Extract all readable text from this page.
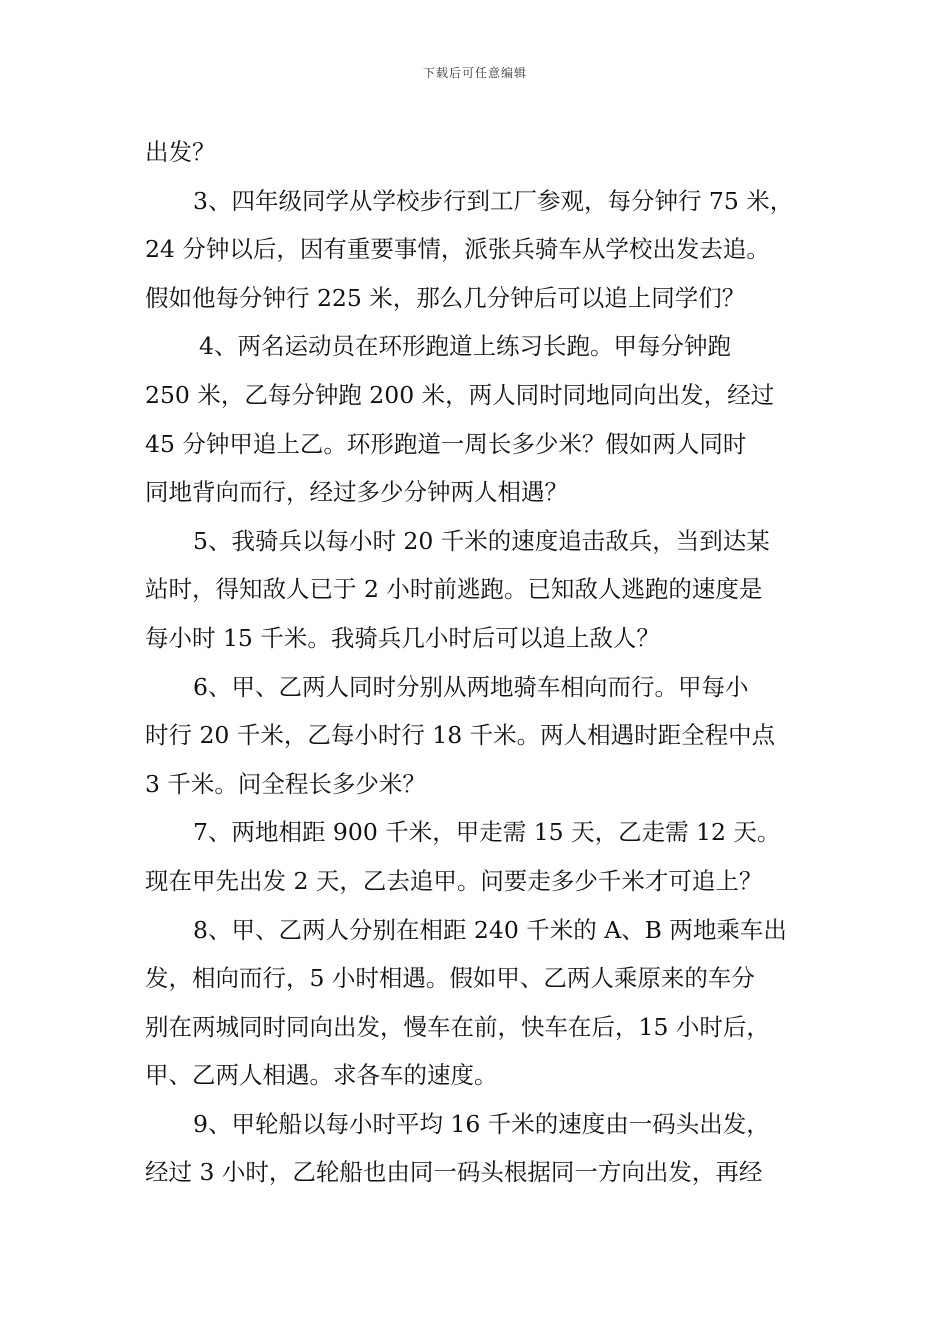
下载后可任意编辑
出发？
3、四年级同学从学校步行到工厂参观，每分钟行 75 米，
24 分钟以后，因有重要事情，派张兵骑车从学校出发去追。
假如他每分钟行 225 米，那么几分钟后可以追上同学们？
4、两名运动员在环形跑道上练习长跑。甲每分钟跑
250 米，乙每分钟跑 200 米，两人同时同地同向出发，经过
45 分钟甲追上乙。环形跑道一周长多少米？假如两人同时
同地背向而行，经过多少分钟两人相遇？
5、我骑兵以每小时 20 千米的速度追击敌兵，当到达某
站时，得知敌人已于 2 小时前逃跑。已知敌人逃跑的速度是
每小时 15 千米。我骑兵几小时后可以追上敌人？
6、甲、乙两人同时分别从两地骑车相向而行。甲每小
时行 20 千米，乙每小时行 18 千米。两人相遇时距全程中点
3 千米。问全程长多少米？
7、两地相距 900 千米，甲走需 15 天，乙走需 12 天。
现在甲先出发 2 天，乙去追甲。问要走多少千米才可追上？
8、甲、乙两人分别在相距 240 千米的 A、B 两地乘车出
发，相向而行，5 小时相遇。假如甲、乙两人乘原来的车分
别在两城同时同向出发，慢车在前，快车在后，15 小时后，
甲、乙两人相遇。求各车的速度。
9、甲轮船以每小时平均 16 千米的速度由一码头出发，
经过 3 小时，乙轮船也由同一码头根据同一方向出发，再经
